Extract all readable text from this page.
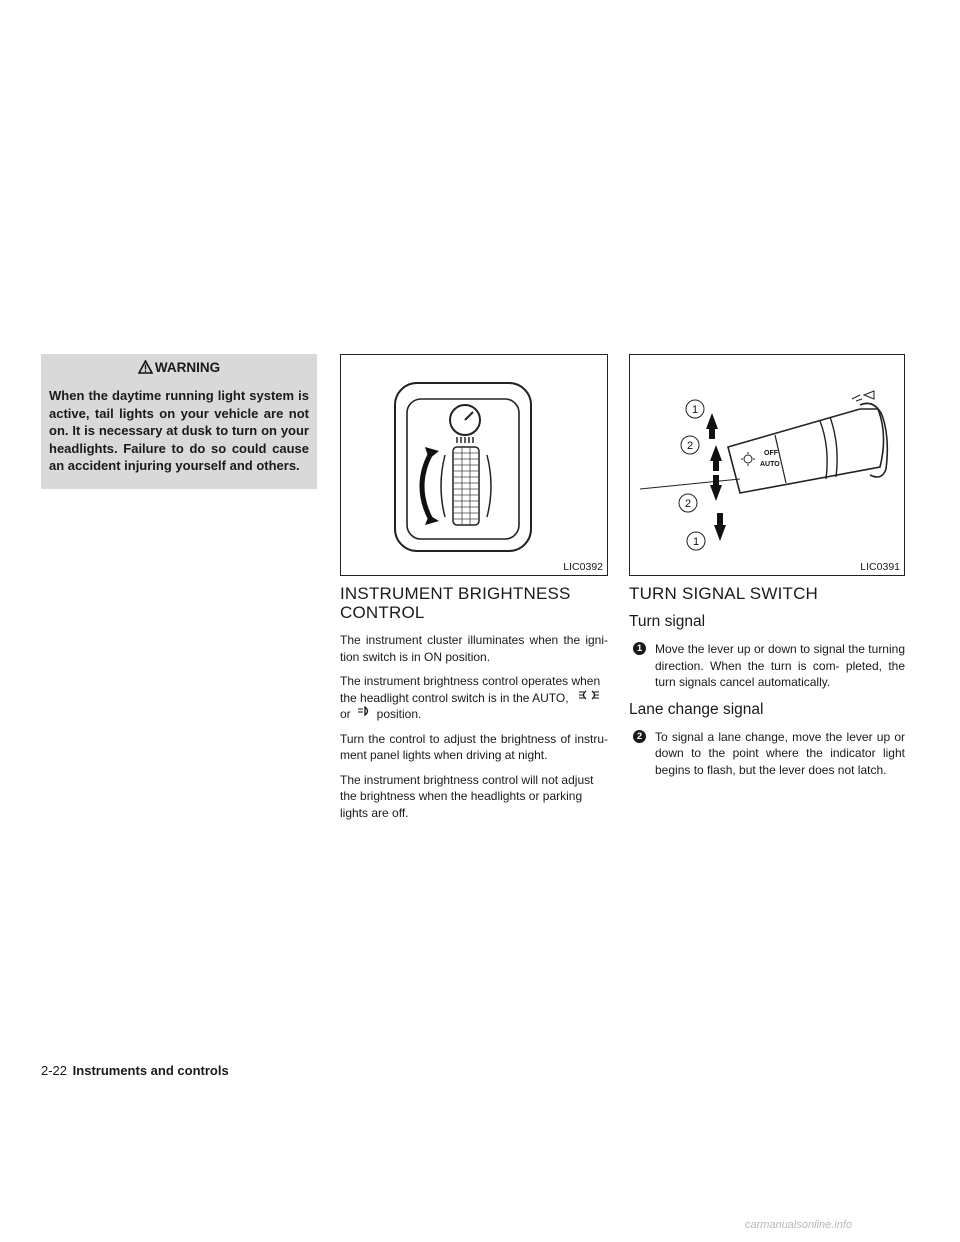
WARNING
When the daytime running light system is active, tail lights on your vehicle are not on. It is necessary at dusk to turn on your headlights. Failure to do so could cause an accident injuring yourself and others.
LIC0392
INSTRUMENT BRIGHTNESS CONTROL

The instrument cluster illuminates when the igni- tion switch is in ON position.

The instrument brightness control operates when the headlight control switch is in the AUTO, or position.

Turn the control to adjust the brightness of instru- ment panel lights when driving at night.

The instrument brightness control will not adjust the brightness when the headlights or parking lights are off.

OFF
AUTO
1
2
2
1
LIC0391
TURN SIGNAL SWITCH
Turn signal
1	Move the lever up or down to signal the turning direction. When the turn is com- pleted, the turn signals cancel automatically.
Lane change signal
2	To signal a lane change, move the lever up or down to the point where the indicator light begins to flash, but the lever does not latch.
2-22 Instruments and controls
carmanualsonline.info
